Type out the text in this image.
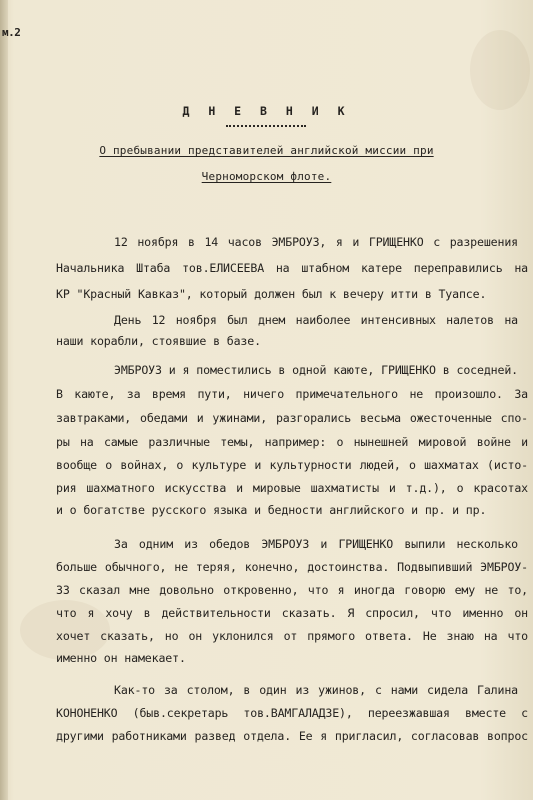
м.2
Д Н Е В Н И К
О пребывании представителей английской миссии при
Черноморском флоте.
12 ноября в 14 часов ЭМБРОУЗ, я и ГРИЩЕНКО с разрешения
Начальника Штаба тов.ЕЛИСЕЕВА на штабном катере переправились на
КР "Красный Кавказ", который должен был к вечеру итти в Туапсе.
День 12 ноября был днем наиболее интенсивных налетов на
наши корабли, стоявшие в базе.
ЭМБРОУЗ и я поместились в одной каюте, ГРИЩЕНКО в соседней.
В каюте, за время пути, ничего примечательного не произошло. За
завтраками, обедами и ужинами, разгорались весьма ожесточенные спо-
ры на самые различные темы, например: о нынешней мировой войне и
вообще о войнах, о культуре и культурности людей, о шахматах (исто-
рия шахматного искусства и мировые шахматисты и т.д.), о красотах
и о богатстве русского языка и бедности английского и пр. и пр.
За одним из обедов ЭМБРОУЗ и ГРИЩЕНКО выпили несколько
больше обычного, не теряя, конечно, достоинства. Подвыпивший ЭМБРОУ-
ЗЗ сказал мне довольно откровенно, что я иногда говорю ему не то,
что я хочу в действительности сказать. Я спросил, что именно он
хочет сказать, но он уклонился от прямого ответа. Не знаю на что
именно он намекает.
Как-то за столом, в один из ужинов, с нами сидела Галина
КОНОНЕНКО (быв.секретарь тов.ВАМГАЛАДЗЕ), переезжавшая вместе с
другими работниками развед отдела. Ее я пригласил, согласовав вопрос
